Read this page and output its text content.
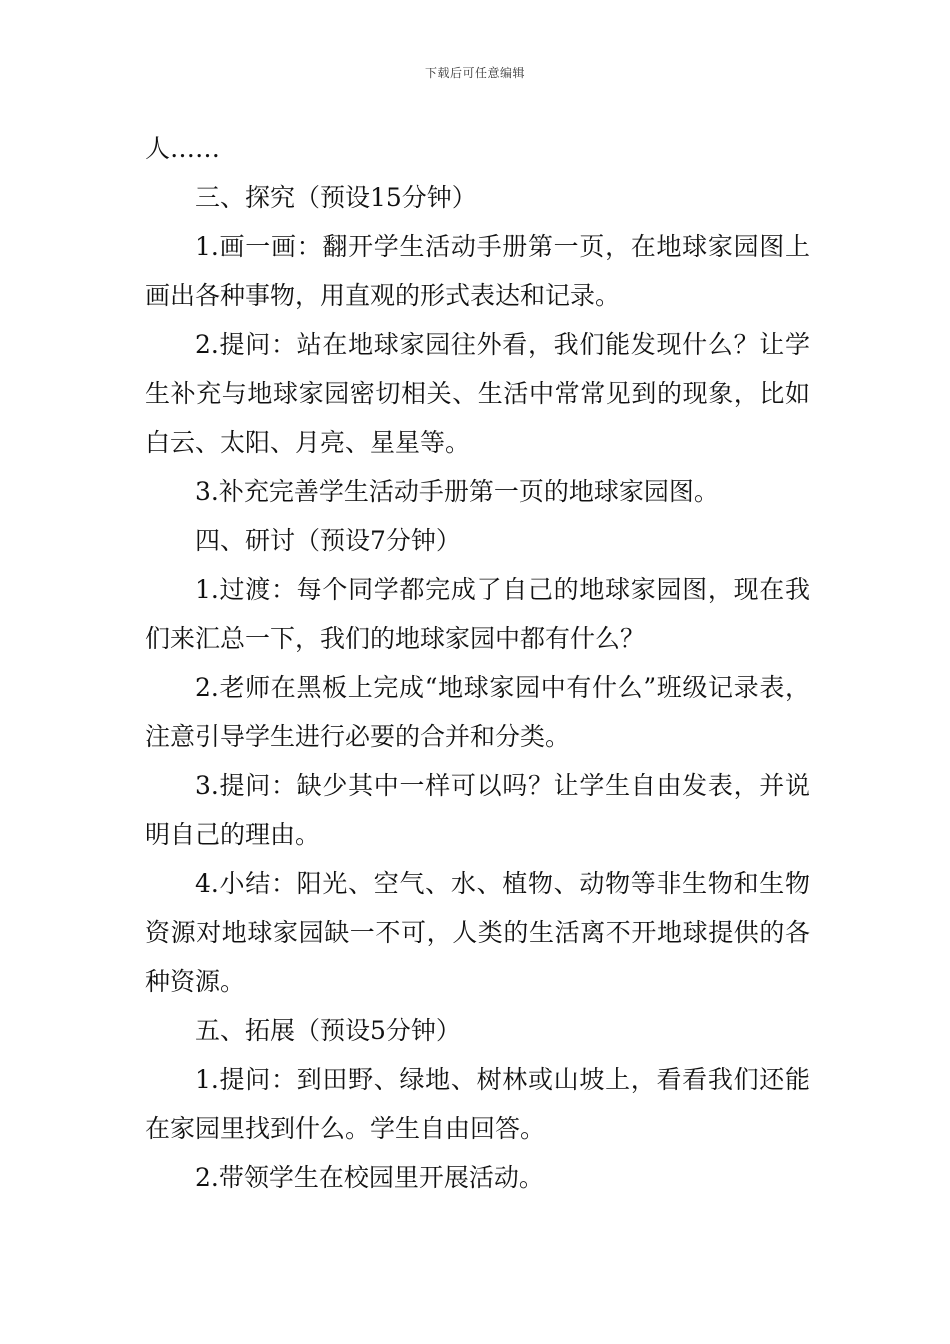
下载后可任意编辑

人……

三、探究（预设15分钟）

1.画一画：翻开学生活动手册第一页，在地球家园图上画出各种事物，用直观的形式表达和记录。

2.提问：站在地球家园往外看，我们能发现什么？让学生补充与地球家园密切相关、生活中常常见到的现象，比如白云、太阳、月亮、星星等。

3.补充完善学生活动手册第一页的地球家园图。

四、研讨（预设7分钟）

1.过渡：每个同学都完成了自己的地球家园图，现在我们来汇总一下，我们的地球家园中都有什么？

2.老师在黑板上完成“地球家园中有什么”班级记录表，注意引导学生进行必要的合并和分类。

3.提问：缺少其中一样可以吗？让学生自由发表，并说明自己的理由。

4.小结：阳光、空气、水、植物、动物等非生物和生物资源对地球家园缺一不可，人类的生活离不开地球提供的各种资源。

五、拓展（预设5分钟）

1.提问：到田野、绿地、树林或山坡上，看看我们还能在家园里找到什么。学生自由回答。

2.带领学生在校园里开展活动。
